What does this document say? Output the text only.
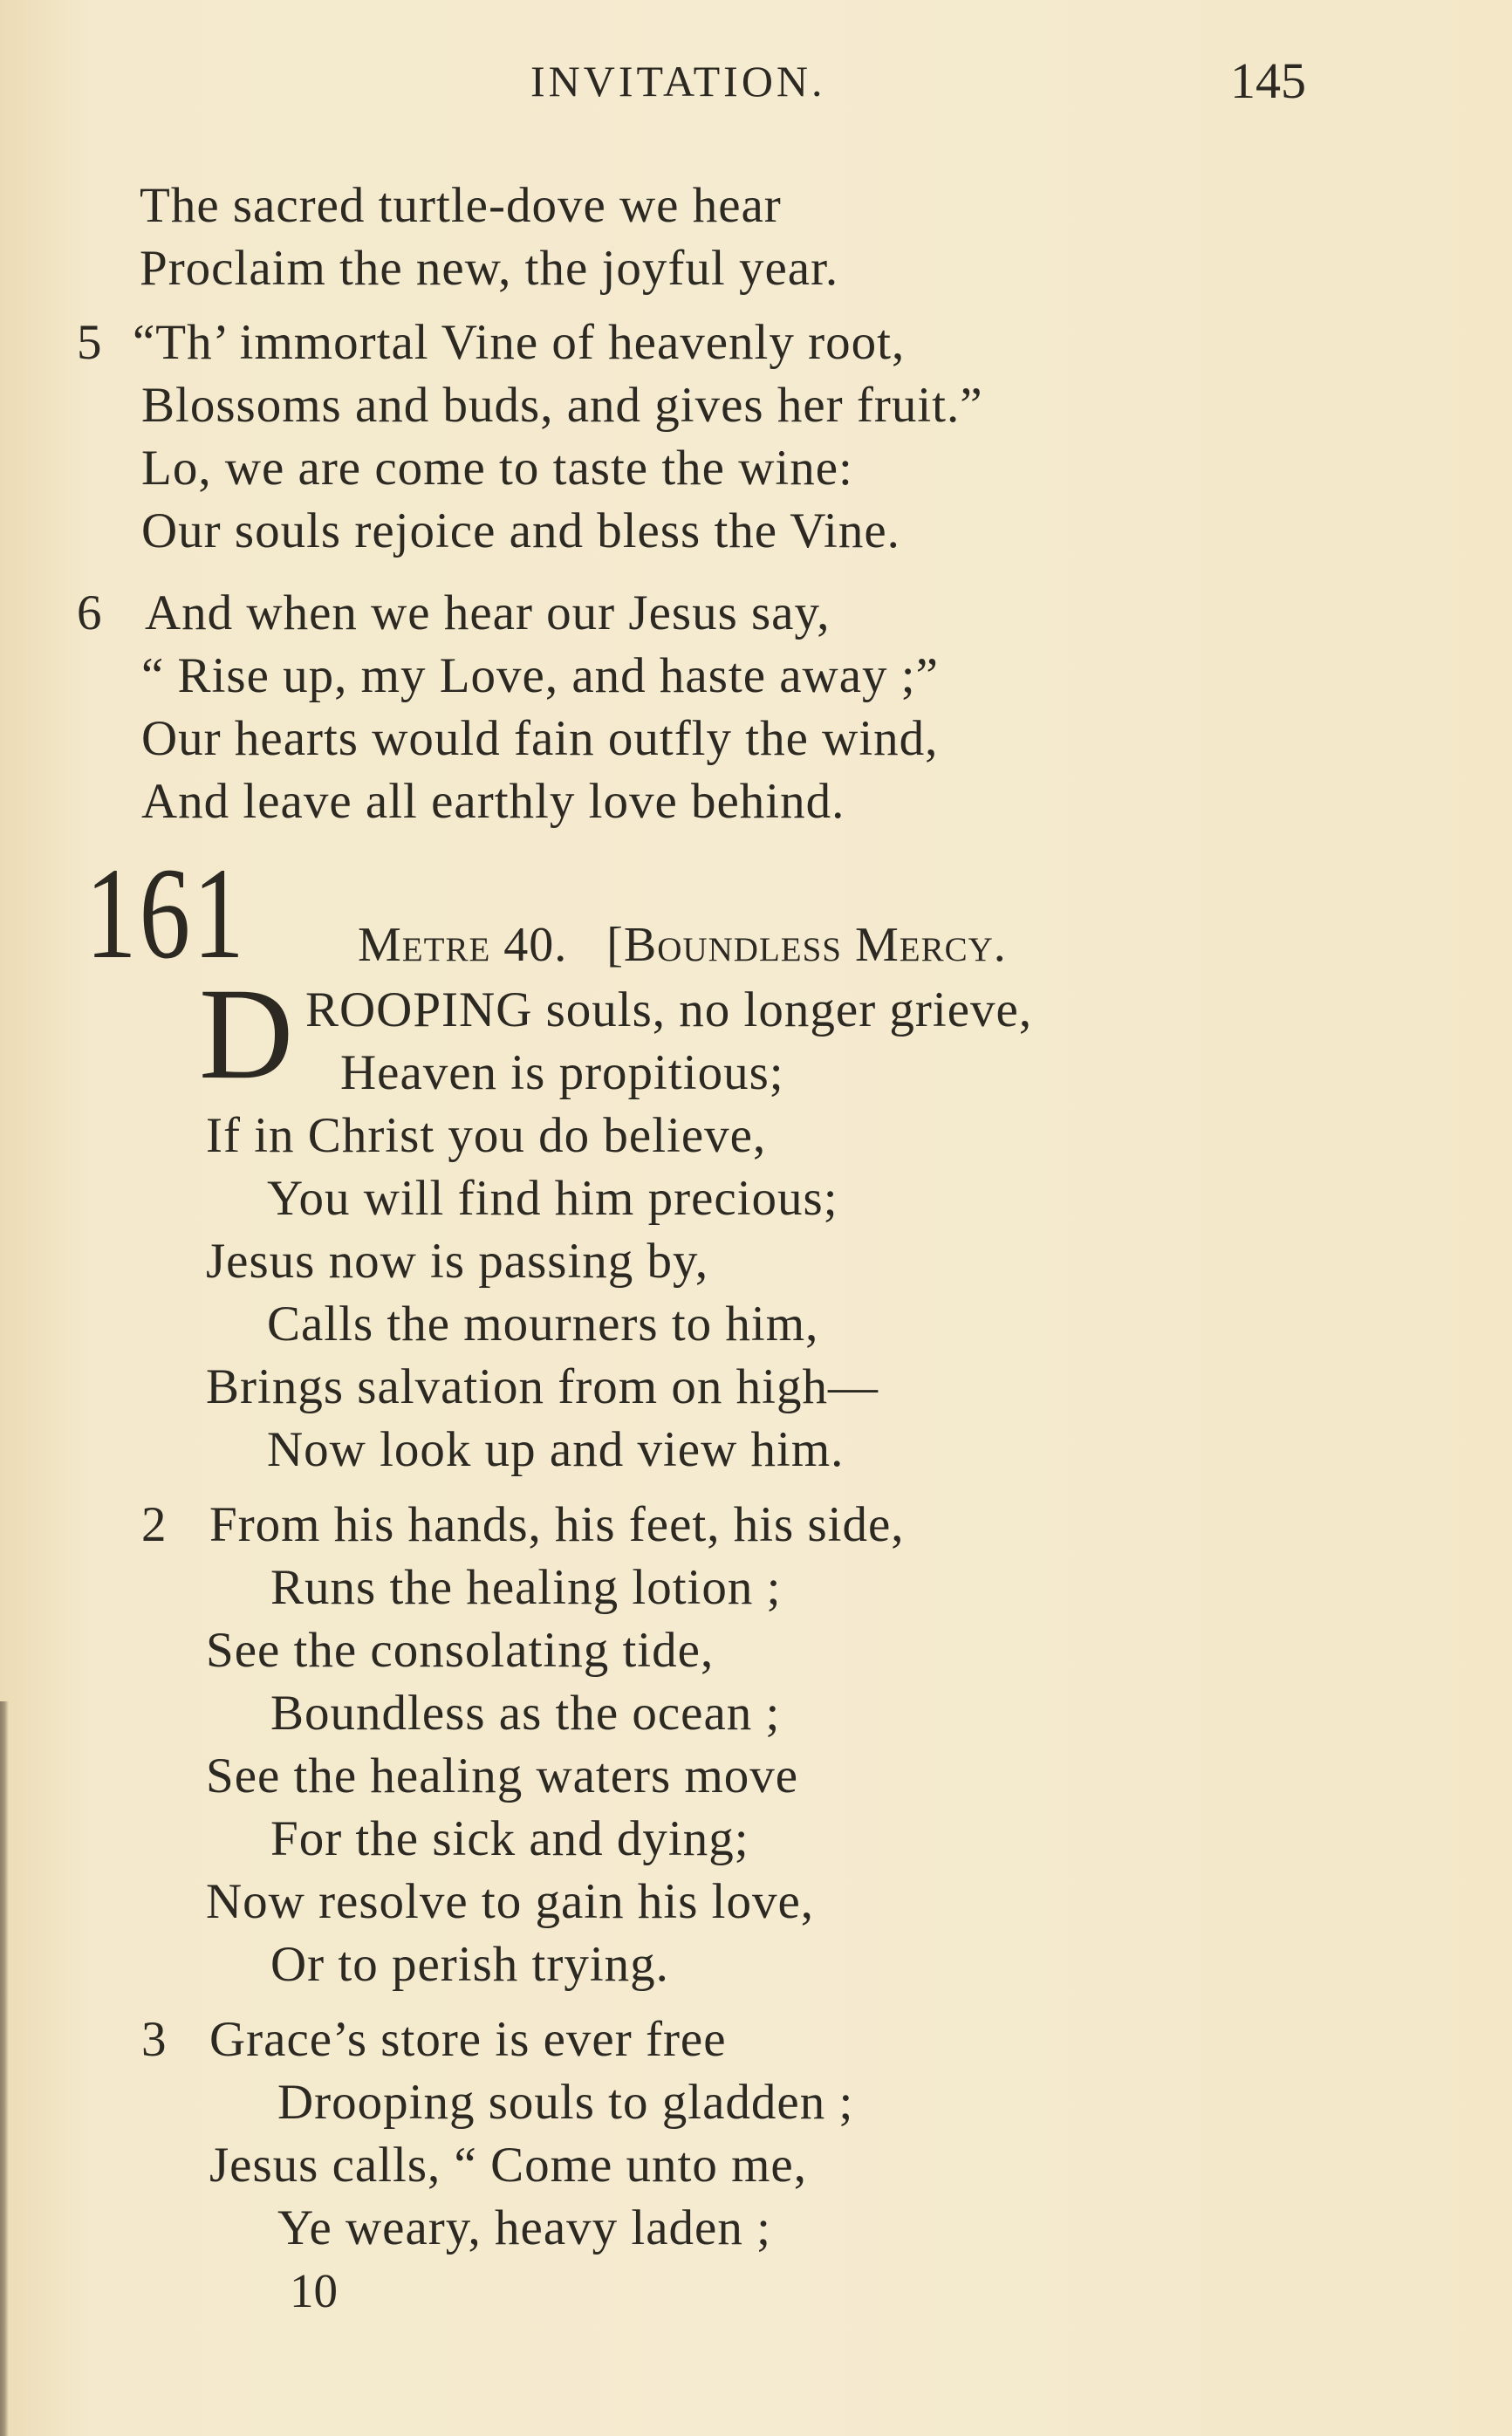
INVITATION.	145
The sacred turtle-dove we hear
Proclaim the new, the joyful year.
5 “Th’ immortal Vine of heavenly root,
Blossoms and buds, and gives her fruit.”
Lo, we are come to taste the wine:
Our souls rejoice and bless the Vine.
6 And when we hear our Jesus say,
“ Rise up, my Love, and haste away ;”
Our hearts would fain outfly the wind,
And leave all earthly love behind.
161 Metre 40. [Boundless Mercy.
D ROOPING souls, no longer grieve,
Heaven is propitious;
If in Christ you do believe,
You will find him precious;
Jesus now is passing by,
Calls the mourners to him,
Brings salvation from on high—
Now look up and view him.
2 From his hands, his feet, his side,
Runs the healing lotion ;
See the consolating tide,
Boundless as the ocean ;
See the healing waters move
For the sick and dying;
Now resolve to gain his love,
Or to perish trying.
3 Grace’s store is ever free
Drooping souls to gladden ;
Jesus calls, “ Come unto me,
Ye weary, heavy laden ;
10
